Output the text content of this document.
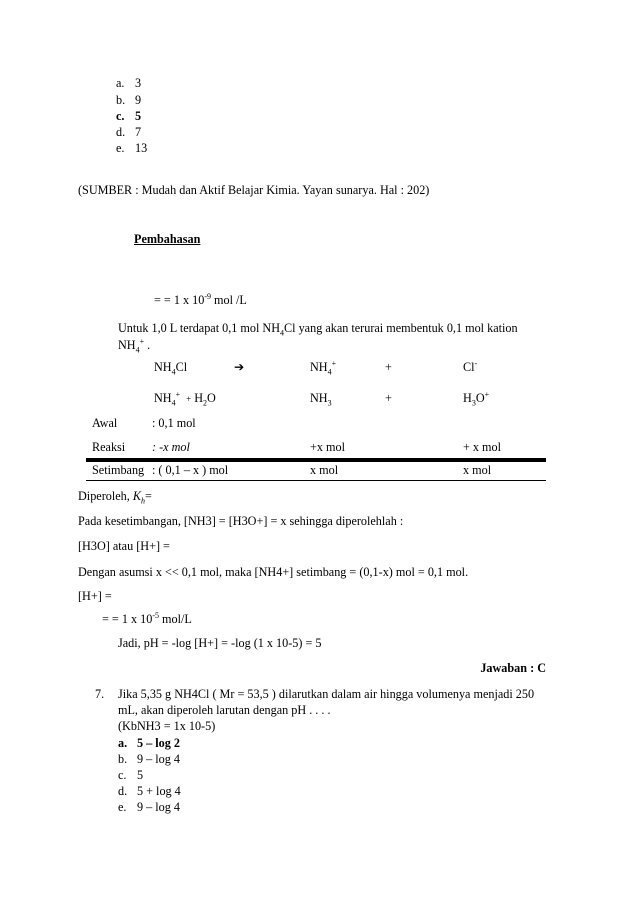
a. 3
b. 9
c. 5
d. 7
e. 13
(SUMBER : Mudah dan Aktif Belajar Kimia. Yayan sunarya. Hal : 202)
Pembahasan
= = 1 x $10^{-9}$ mol /L
Untuk 1,0 L terdapat 0,1 mol $NH_4Cl$ yang akan terurai membentuk 0,1 mol kation
$NH_4^+$ .
$NH_4Cl$	➔	$NH_4^+$	+	Cl-
$NH_4^+ + H_2O$	$NH_3$	+	$H_3O^+$
Awal	: 0,1 mol
Reaksi : -x mol	+x mol	+ x mol
Setimbang : ( 0,1 – x ) mol	x mol	x mol
Diperoleh, $K_h=$
Pada kesetimbangan, [NH3] = [H3O+] = x sehingga diperolehlah :
[H3O] atau [H+] =
Dengan asumsi x << 0,1 mol, maka [NH4+] setimbang = (0,1-x) mol = 0,1 mol.
[H+] =
= = 1 x $10^{-5}$ mol/L
Jadi, pH = -log [H+] = -log (1 x 10-5) = 5
Jawaban : C
7. Jika 5,35 g NH4Cl ( Mr = 53,5 ) dilarutkan dalam air hingga volumenya menjadi 250
mL, akan diperoleh larutan dengan pH . . . .
(KbNH3 = 1x 10-5)
a. 5 – log 2
b. 9 – log 4
c. 5
d. 5 + log 4
e. 9 – log 4
